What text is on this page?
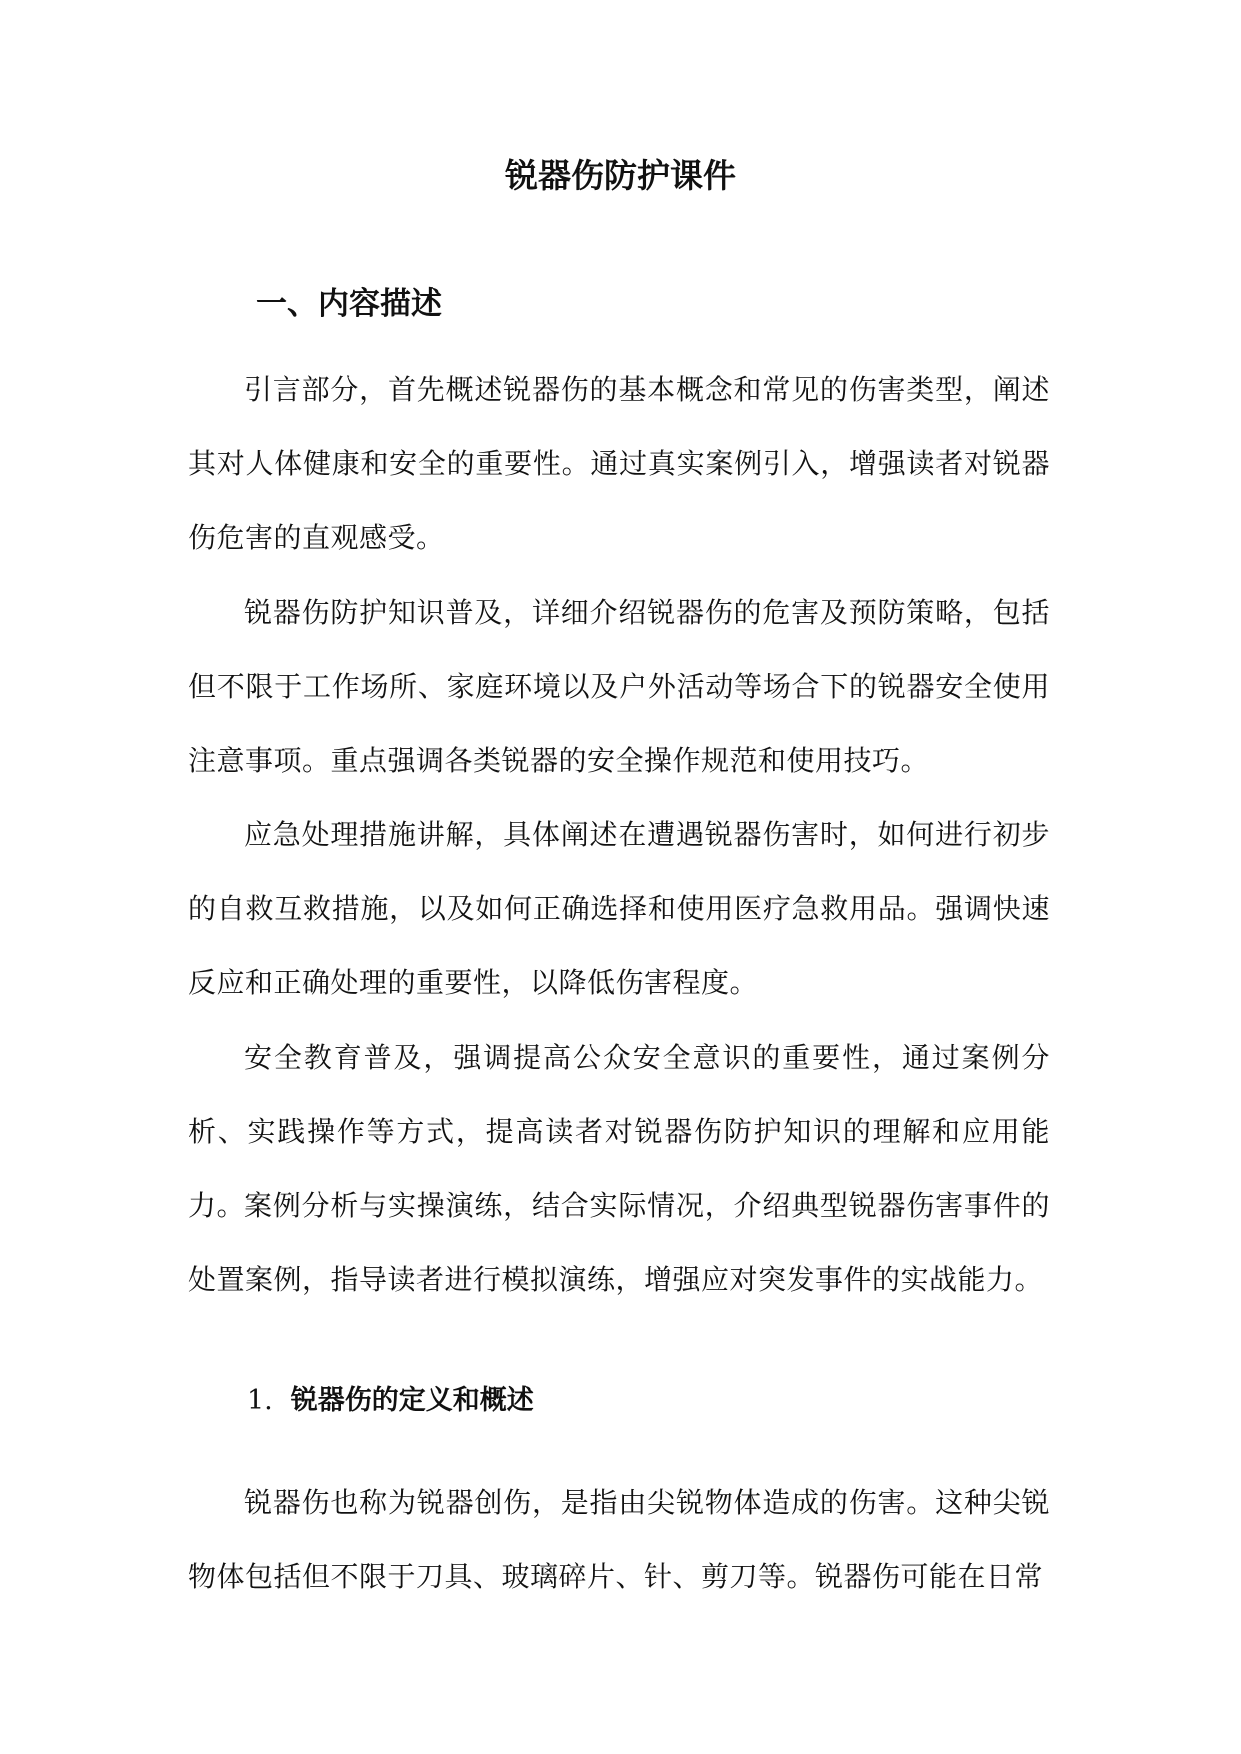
锐器伤防护课件
一、内容描述

引言部分，首先概述锐器伤的基本概念和常见的伤害类型，阐述其对人体健康和安全的重要性。通过真实案例引入，增强读者对锐器伤危害的直观感受。

锐器伤防护知识普及，详细介绍锐器伤的危害及预防策略，包括但不限于工作场所、家庭环境以及户外活动等场合下的锐器安全使用注意事项。重点强调各类锐器的安全操作规范和使用技巧。

应急处理措施讲解，具体阐述在遭遇锐器伤害时，如何进行初步的自救互救措施，以及如何正确选择和使用医疗急救用品。强调快速反应和正确处理的重要性，以降低伤害程度。

安全教育普及，强调提高公众安全意识的重要性，通过案例分析、实践操作等方式，提高读者对锐器伤防护知识的理解和应用能力。

案例分析与实操演练，结合实际情况，介绍典型锐器伤害事件的处置案例，指导读者进行模拟演练，增强应对突发事件的实战能力。

1. 锐器伤的定义和概述

锐器伤也称为锐器创伤，是指由尖锐物体造成的伤害。这种尖锐物体包括但不限于刀具、玻璃碎片、针、剪刀等。锐器伤可能在日常
